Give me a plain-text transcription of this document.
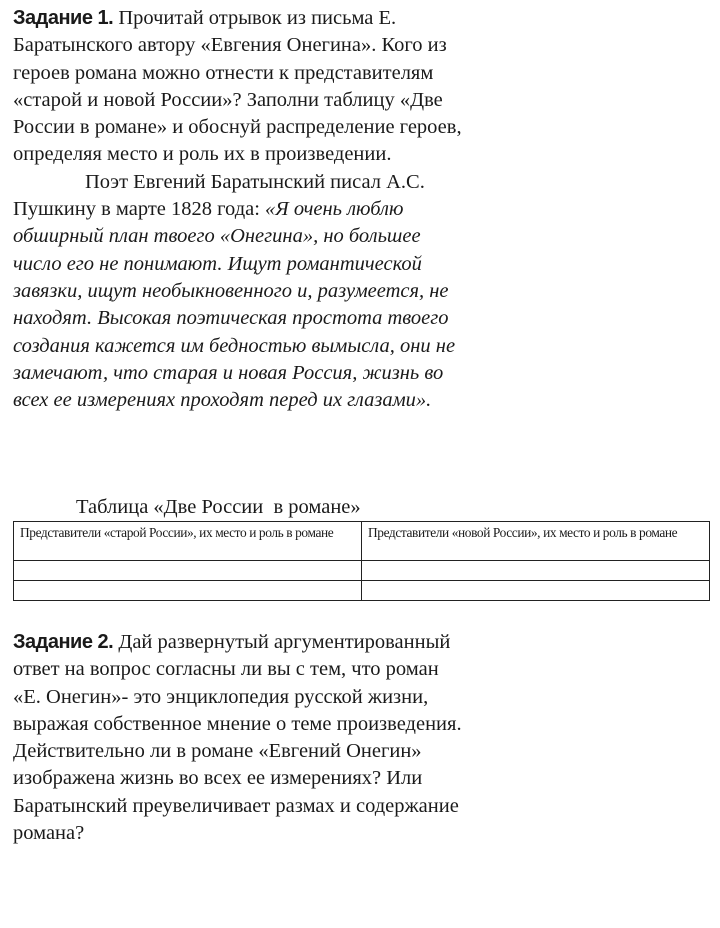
Задание 1. Прочитай отрывок из письма Е. Баратынского автору «Евгения Онегина». Кого из героев романа можно отнести к представителям «старой и новой России»? Заполни таблицу «Две России в романе» и обоснуй распределение героев, определяя место и роль их в произведении.
Поэт Евгений Баратынский писал А.С. Пушкину в марте 1828 года: «Я очень люблю обширный план твоего «Онегина», но большее число его не понимают. Ищут романтической завязки, ищут необыкновенного и, разумеется, не находят. Высокая поэтическая простота твоего создания кажется им бедностью вымысла, они не замечают, что старая и новая Россия, жизнь во всех ее измерениях проходят перед их глазами».
Таблица «Две России  в романе»
Представители «старой России», их место и роль в романе	Представители «новой России», их место и роль в романе

Задание 2. Дай развернутый аргументированный ответ на вопрос согласны ли вы с тем, что роман «Е. Онегин»- это энциклопедия русской жизни, выражая собственное мнение о теме произведения. Действительно ли в романе «Евгений Онегин» изображена жизнь во всех ее измерениях? Или Баратынский преувеличивает размах и содержание романа?
